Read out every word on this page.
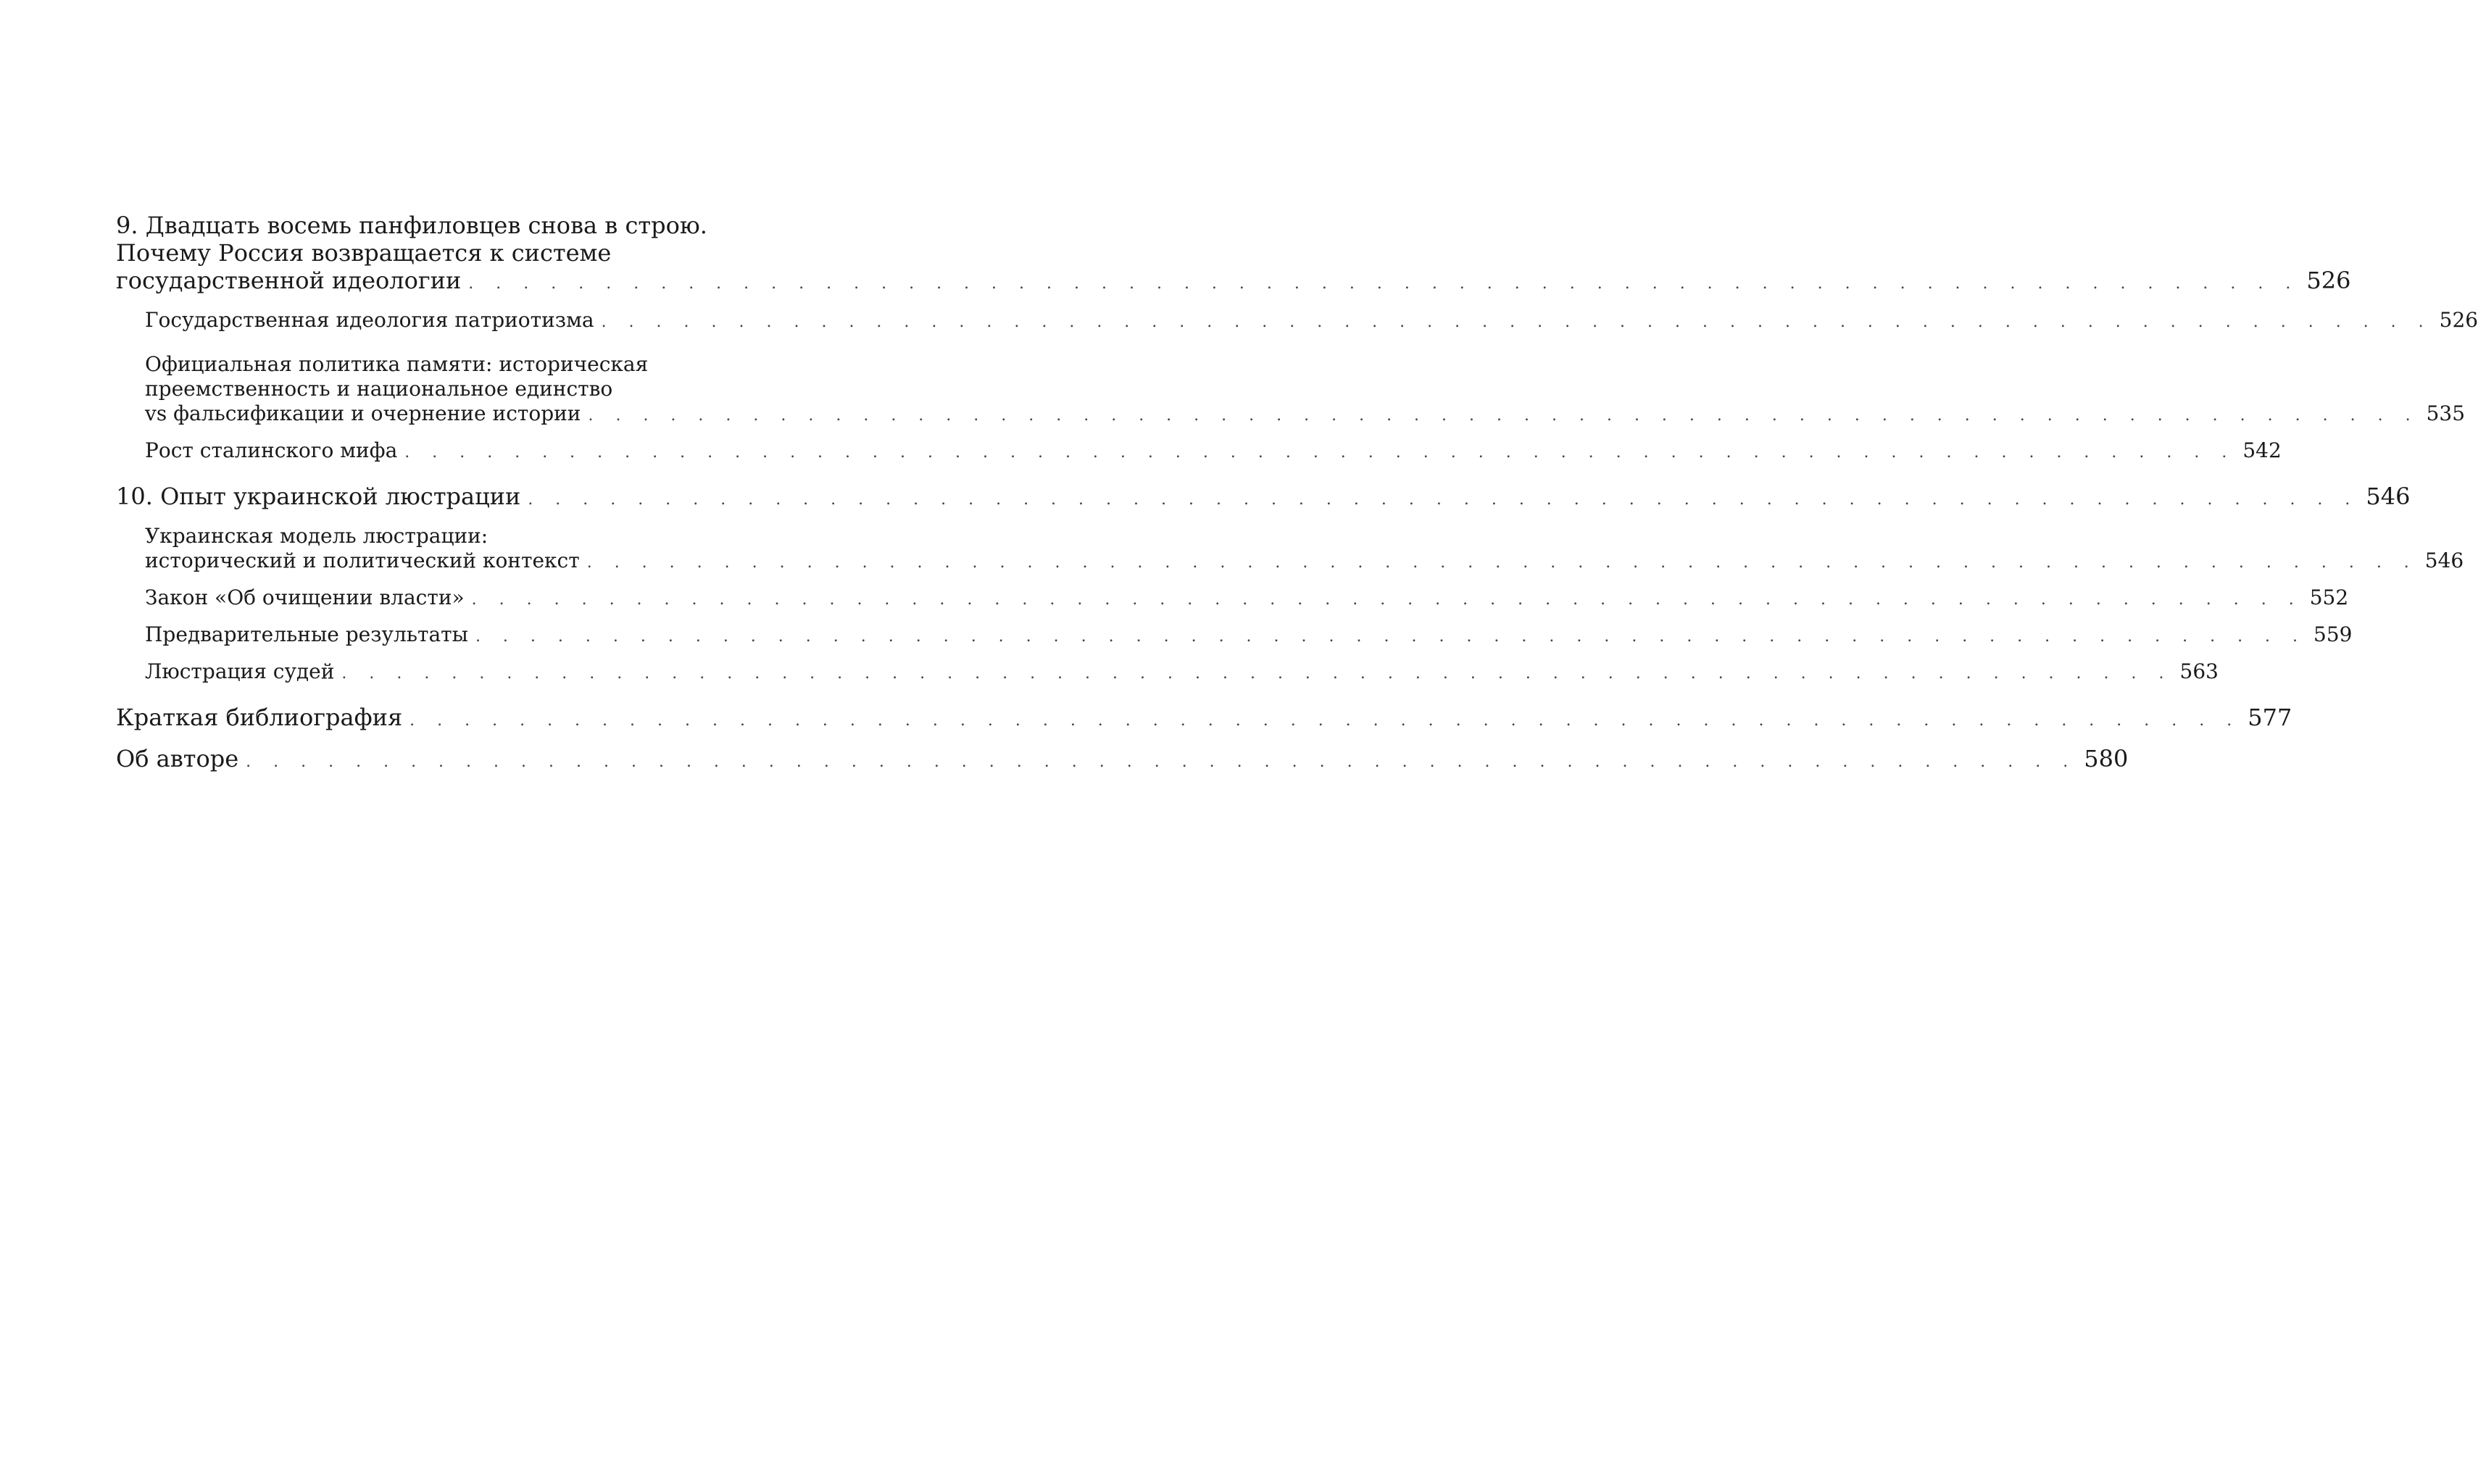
9. Двадцать восемь панфиловцев снова в строю.
Почему Россия возвращается к системе
государственной идеологии . . . . . . . . . . . . . . . . . . . . . . . . . . . . . . . . . . . . . . . . . . . . . . . . . . . . . . . . . . . . . . . . . . . 526
Государственная идеология патриотизма . . . . . . . . . . . . . . . . . . . . . . . . . . . . . . . . . . . . . . . . . . . . . . . . . . . . . . . . . . . . . . . . . . . 526
Официальная политика памяти: историческая
преемственность и национальное единство
vs фальсификации и очернение истории . . . . . . . . . . . . . . . . . . . . . . . . . . . . . . . . . . . . . . . . . . . . . . . . . . . . . . . . . . . . . . . . . . . 535
Рост сталинского мифа . . . . . . . . . . . . . . . . . . . . . . . . . . . . . . . . . . . . . . . . . . . . . . . . . . . . . . . . . . . . . . . . . . . 542
10. Опыт украинской люстрации . . . . . . . . . . . . . . . . . . . . . . . . . . . . . . . . . . . . . . . . . . . . . . . . . . . . . . . . . . . . . . . . . . . 546
Украинская модель люстрации:
исторический и политический контекст . . . . . . . . . . . . . . . . . . . . . . . . . . . . . . . . . . . . . . . . . . . . . . . . . . . . . . . . . . . . . . . . . . . 546
Закон «Об очищении власти» . . . . . . . . . . . . . . . . . . . . . . . . . . . . . . . . . . . . . . . . . . . . . . . . . . . . . . . . . . . . . . . . . . . 552
Предварительные результаты . . . . . . . . . . . . . . . . . . . . . . . . . . . . . . . . . . . . . . . . . . . . . . . . . . . . . . . . . . . . . . . . . . . 559
Люстрация судей . . . . . . . . . . . . . . . . . . . . . . . . . . . . . . . . . . . . . . . . . . . . . . . . . . . . . . . . . . . . . . . . . . . 563
Краткая библиография . . . . . . . . . . . . . . . . . . . . . . . . . . . . . . . . . . . . . . . . . . . . . . . . . . . . . . . . . . . . . . . . . . . 577
Об авторе . . . . . . . . . . . . . . . . . . . . . . . . . . . . . . . . . . . . . . . . . . . . . . . . . . . . . . . . . . . . . . . . . . . 580
